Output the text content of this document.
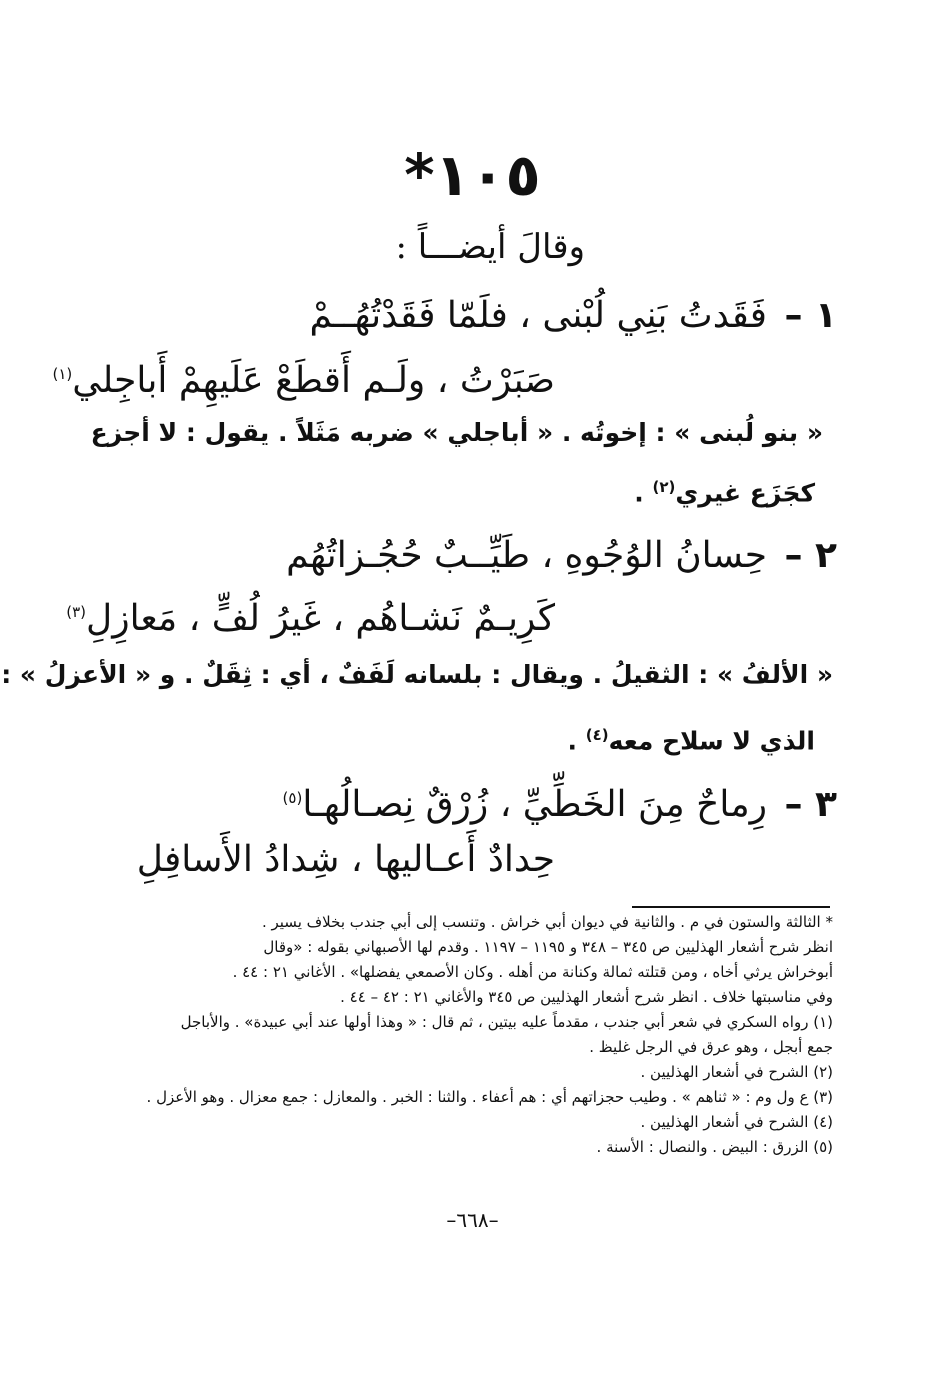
١٠٥*
وقالَ أيضـــاً :
١ – فَقَدتُ بَنِي لُبْنى ، فلَمّا فَقَدْتُهُــمْ
صَبَرْتُ ، ولَـم أَقطَعْ عَلَيهِمْ أَباجِلي$^{(١)}$
« بنو لُبنى » : إخوتُه . « أباجلي » ضربه مَثَلاً . يقول : لا أجزع
كجَزَع غيري$^{(٢)}$ .
٢ – حِسانُ الوُجُوهِ ، طَيِّــبٌ حُجُـزاتُهُم
كَرِيـمٌ نَشـاهُم ، غَيرُ لُفٍّ ، مَعازِلِ$^{(٣)}$
« الألفُ » : الثقيلُ . ويقال : بلسانه لَفَفٌ ، أي : ثِقَلٌ . و « الأعزلُ » :
الذي لا سلاح معه$^{(٤)}$ .
٣ – رِماحٌ مِنَ الخَطِّيِّ ، زُرْقٌ نِصـالُهـا$^{(٥)}$
حِدادٌ أَعـاليها ، شِدادُ الأَسافِلِ
* الثالثة والستون في م . والثانية في ديوان أبي خراش . وتنسب إلى أبي جندب بخلاف يسير .
انظر شرح أشعار الهذليين ص ٣٤٥ – ٣٤٨ و ١١٩٥ – ١١٩٧ . وقدم لها الأصبهاني بقوله : «وقال
أبوخراش يرثي أخاه ، ومن قتلته ثمالة وكنانة من أهله . وكان الأصمعي يفضلها» . الأغاني ٢١ : ٤٤ .
وفي مناسبتها خلاف . انظر شرح أشعار الهذليين ص ٣٤٥ والأغاني ٢١ : ٤٢ – ٤٤ .
(١) رواه السكري في شعر أبي جندب ، مقدماً عليه بيتين ، ثم قال : « وهذا أولها عند أبي عبيدة» . والأباجل
جمع أبجل ، وهو عرق في الرجل غليظ .
(٢) الشرح في أشعار الهذليين .
(٣) ع ول وم : « ثناهم » . وطيب حجزاتهم أي : هم أعفاء . والثنا : الخبر . والمعازل : جمع معزال . وهو الأعزل .
(٤) الشرح في أشعار الهذليين .
(٥) الزرق : البيض . والنصال : الأسنة .
–٦٦٨–
